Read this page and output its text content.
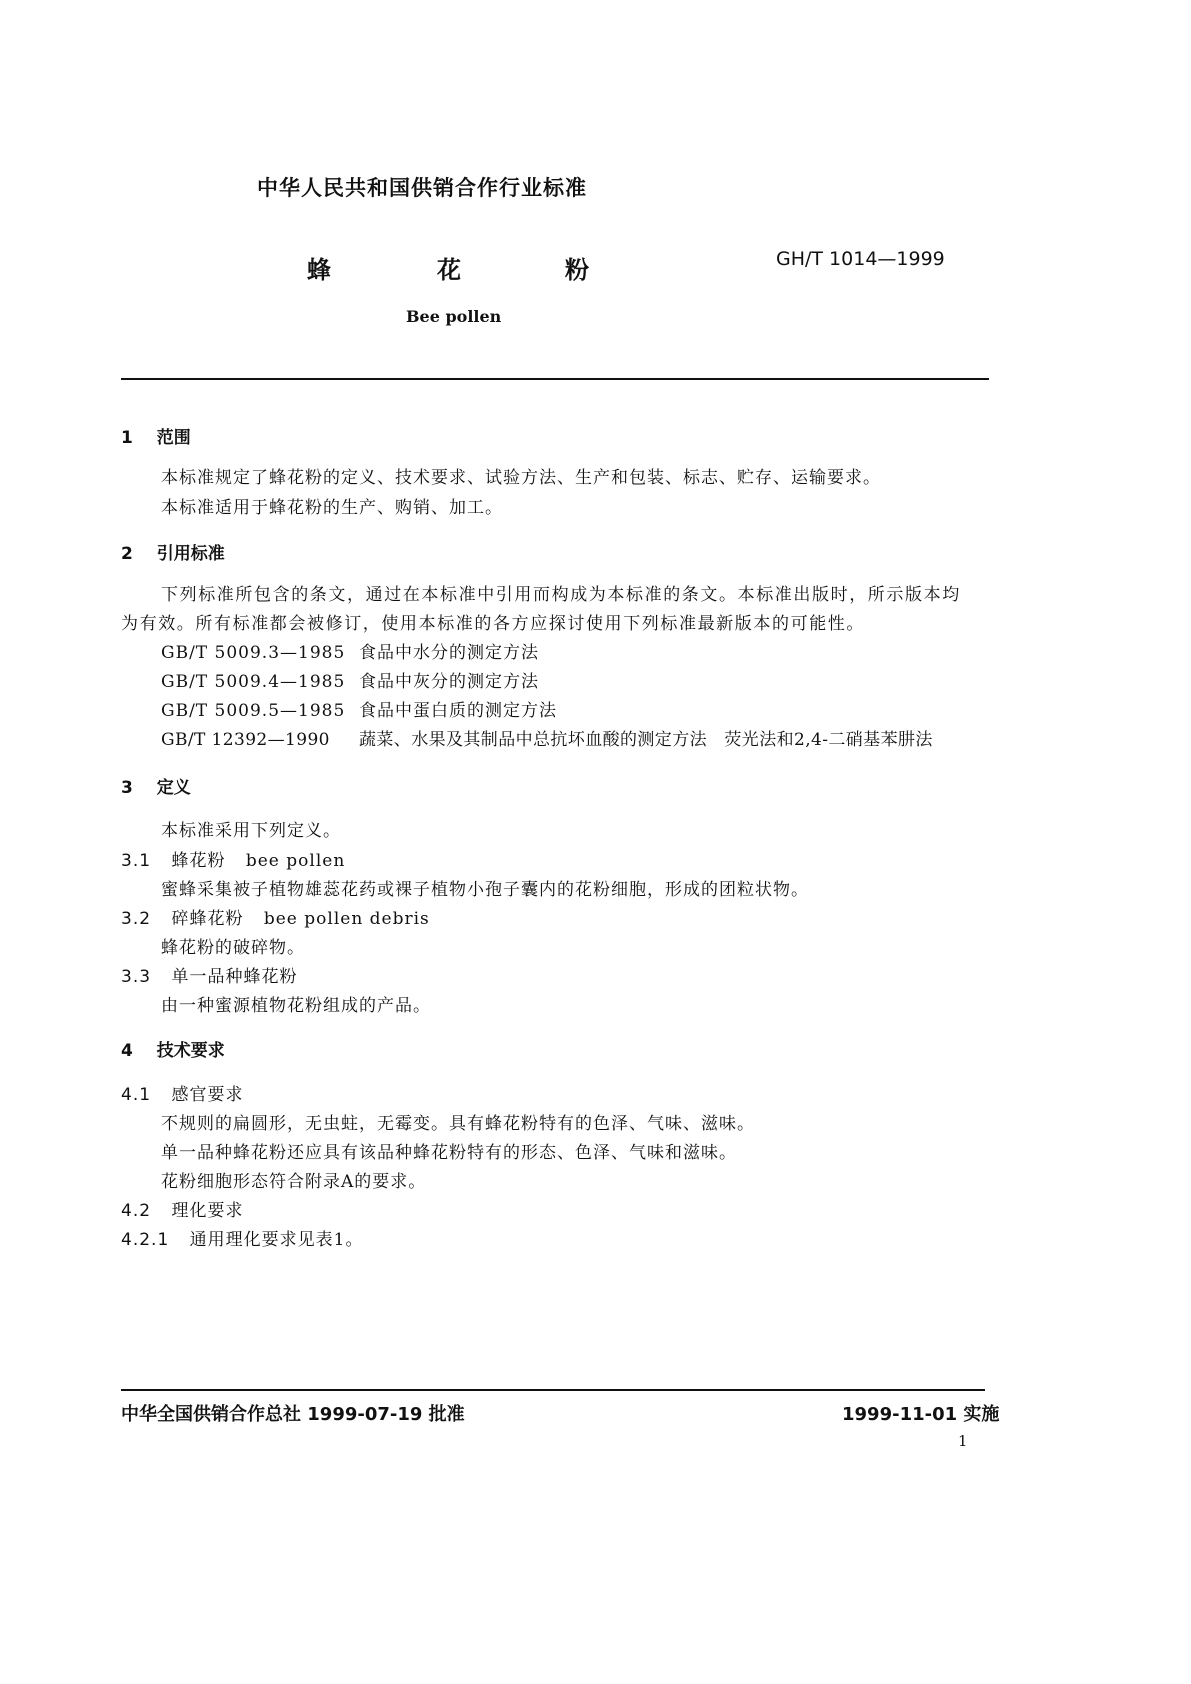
中华人民共和国供销合作行业标准
蜂	花	粉	GH/T 1014—1999
Bee pollen
1 范围
本标准规定了蜂花粉的定义、技术要求、试验方法、生产和包装、标志、贮存、运输要求。
本标准适用于蜂花粉的生产、购销、加工。
2 引用标准
下列标准所包含的条文，通过在本标准中引用而构成为本标准的条文。本标准出版时，所示版本均
为有效。所有标准都会被修订，使用本标准的各方应探讨使用下列标准最新版本的可能性。
GB/T 5009.3—1985 食品中水分的测定方法
GB/T 5009.4—1985 食品中灰分的测定方法
GB/T 5009.5—1985 食品中蛋白质的测定方法
GB/T 12392—1990 蔬菜、水果及其制品中总抗坏血酸的测定方法　荧光法和2,4-二硝基苯肼法
3 定义
本标准采用下列定义。
3.1 蜂花粉 bee pollen
蜜蜂采集被子植物雄蕊花药或裸子植物小孢子囊内的花粉细胞，形成的团粒状物。
3.2 碎蜂花粉 bee pollen debris
蜂花粉的破碎物。
3.3 单一品种蜂花粉
由一种蜜源植物花粉组成的产品。
4 技术要求
4.1 感官要求
不规则的扁圆形，无虫蛀，无霉变。具有蜂花粉特有的色泽、气味、滋味。
单一品种蜂花粉还应具有该品种蜂花粉特有的形态、色泽、气味和滋味。
花粉细胞形态符合附录A的要求。
4.2 理化要求
4.2.1 通用理化要求见表1。
中华全国供销合作总社 1999-07-19 批准	1999-11-01 实施
1
